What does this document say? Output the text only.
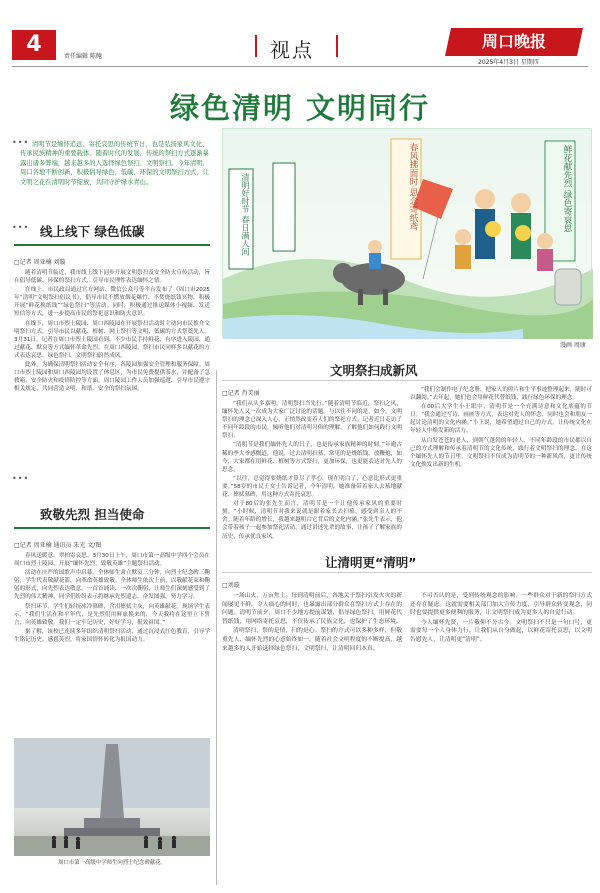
4	责任编辑 陈鲍	视点	周口晚报
2025年4月3日 星期四
绿色清明 文明同行
••• 清明节是缅怀追远、寄托哀思的传统节日，也是弘扬家风文化、传承民族精神的重要载体。随着时代的发展，传统的祭扫方式逐渐暴露出诸多弊端，越来越多的人选择绿色祭扫、文明祭扫。今年清明，周口各地不断创新，积极倡导绿色、低碳、环保的文明祭扫方式，让文明之花在清明时节绽放，共同守护绿水青山。	清明好时节 春日满人间	春风拂面时 思念寄纸鸢	鲜花献先烈 绿色寄哀思
漫画 周康
••• 线上线下 绿色低碳
□记者 周亚楠 刘璇

随着清明节临近，我市线上线下同步开展文明祭扫及安全防火宣传活动，旨在倡导低碳、环保的祭扫方式，引导市民理性表达缅怀之情。

在线上，市民政局通过官方网站、微信公众号等平台发布了《周口市2025年“清明”文明祭扫倡议书》，倡导市民不燃放烟花爆竹、不焚烧纸钱冥物，积极开展“鲜花换纸钱”“绿色祭扫”等活动。同时，积极通过推送媒体小视频、发送短信等方式，进一步提高市民的祭祀意识和防火意识。

在线下，周口市烈士陵园、周口西陵园在开展祭扫活动时主动向市民推介文明祭扫方式，引导市民以献花、植树、网上祭扫等文明、低碳的方式祭奠先人。3月31日，记者在周口市烈士陵园看到，不少市民手持鲜花，有序进入陵园，通过献花、默哀等方式缅怀革命先烈。在周口西陵园，祭扫市民同样多以献花的方式表达哀思。绿色祭扫、文明祭扫蔚然成风。

此外，为确保清明祭扫活动安全有序，各陵园加强安全管理和服务保障。周口市烈士陵园和周口西陵园均设置了休息区，为市民免费提供茶水，并配备了急救箱。安全防火和疫情防控等方面，周口陵园工作人员加强巡逻，引导市民遵守相关规定，共同营造文明、和谐、安全的祭扫氛围。

•••
致敬先烈 担当使命
□记者 周亚楠 通讯员 朱光 文/图

春风送暖意，翠柏寄哀思。3月30日上午，周口市第一高级中学四个会员在周口市烈士陵园，开展“缅怀先烈，致敬英雄”主题祭扫活动。

活动在庄严的国歌声中启幕。全体师生肃立默哀三分钟，向烈士纪念碑三鞠躬，学生代表敬献花篮，向革命英雄致敬。全体师生依次上前，以敬献花束和鞠躬的形式，向先烈表达敬意。一首首诵读、一次次鞠躬，让师生们深刻感受到了先烈的伟大精神，同学们纷纷表示将继承先烈遗志，奋发图强，努力学习。

祭扫环节，学生们轻抚冰冷墓碑，含泪擦拭尘灰，向英雄献花。现场学生表示，“我们生活在和平年代，是先烈们用鲜血换来的，今天我将在这里立下誓言，向英雄致敬。我们一定牢记历史，好好学习，报效祖国。”

据了解，该校已连续多年组织清明祭扫活动，通过沉浸式红色教育，引导学生铭记历史、感恩英烈，将家国情怀转化为报国动力。

周口市第一高级中学师生向烈士纪念碑献花。
文明祭扫成新风
□记者 肖美丽

“我们从头多嘉明，清明祭扫当先行。”随着清明节临近，祭扫之风，缅怀先人又一次成为大家广泛讨论的话题。与以往不同的是，如今，文明祭扫的理念已深入人心，正悄然改变着人们的祭祀方式。记者近日走访了不同年龄段的市民，倾听他们对清明习俗的理解，了解他们如何践行文明祭扫。

“清明节是我们缅怀先人的日子，也是传承家族精神的时刻。”年逾古稀的李大爷感慨道，他说，过去清明扫墓，常见的是烧纸钱、放鞭炮，如今，大家都在用鲜花、植树等方式祭扫，更加环保，也更能表达对先人的思念。

“以往，总觉得要烧纸才算尽了孝心，现在明白了，心意比形式更重要。”58岁的市民王女士告诉记者，今年清明，她准备带着家人去墓地献花、擦拭墓碑，用这种方式寄托哀思。

对于80后的张先生而言，清明节是一个让他传承家风的重要时刻。“小时候，清明节对我来说就是跟着家长去扫墓，感受到亲人的不舍。随着年龄的增长，我越来越明白它背后的文化内涵。”张先生表示，他会带着孩子一起参加祭祀活动，通过讲述先辈的故事，让孩子了解家族的历史，传承优良家风。

“我们会制作电子纪念册，把家人的照片和生平事迹整理起来，随时可以翻阅。”去年起，她们也会用鲜花代替纸钱，践行绿色环保的理念。

在00后大学生小王眼中，清明节是一个充满诗意和文化底蕴的节日。“我会通过写诗、画画等方式，表达对先人的怀念，同时也会和朋友一起讨论清明的文化内涵。”小王说，她希望通过自己的方式，让传统文化在年轻人中焕发新的活力。

从白发苍苍的老人，到朝气蓬勃的年轻人，不同年龄段的市民都以自己的方式理解和传承着清明节的文化传统，践行着文明祭扫的理念。在这个缅怀先人的节日里，文明祭扫不仅成为清明节的一种新风尚，更让传统文化焕发出新的生机。

让清明更“清明”
□刘璇

一场山火，万亩焦土。每到清明前后，各地关于祭扫引发火灾的新闻屡见不鲜。令人痛心的同时，也暴露出部分群众在祭扫方式上存在的问题。清明节前夕，周口不少地方提前谋划，倡导绿色祭扫，用鲜花代替纸钱，用网络寄托哀思，不仅传承了民族文化，也保护了生态环境。

清明祭扫，祭的是情，扫的是心。祭扫的方式可以多种多样，但敬重先人、缅怀先烈的心意始终如一。随着社会文明程度的不断提高，越来越多的人开始选择绿色祭扫、文明祭扫，让清明回归本真。

不可否认的是，受到传统观念的影响，一些群众对于新的祭扫方式还存在疑虑。这就需要相关部门加大宣传力度，引导群众转变观念，同时也要提供更多便利的服务，让文明祭扫成为更多人的自觉行动。

今人缅怀先贤，一片敬仰不分古今。文明祭扫不只是一句口号，更需要每一个人身体力行。让我们从自身做起，以鲜花寄托哀思，以文明告慰先人，让清明更“清明”。
